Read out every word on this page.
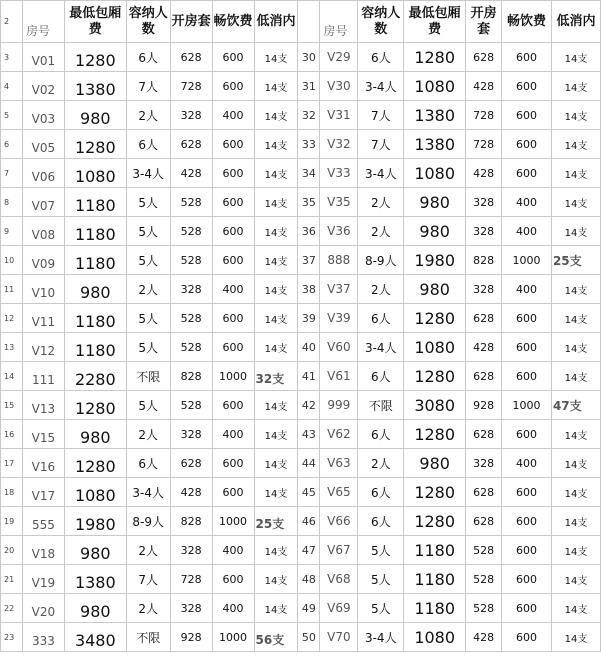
2	房号	最低包厢费	容纳人数	开房套	畅饮费	低消内		房号	容纳人数	最低包厢费	开房套	畅饮费	低消内
3	V01	1280	6人	628	600	14支	30	V29	6人	1280	628	600	14支
4	V02	1380	7人	728	600	14支	31	V30	3-4人	1080	428	600	14支
5	V03	980	2人	328	400	14支	32	V31	7人	1380	728	600	14支
6	V05	1280	6人	628	600	14支	33	V32	7人	1380	728	600	14支
7	V06	1080	3-4人	428	600	14支	34	V33	3-4人	1080	428	600	14支
8	V07	1180	5人	528	600	14支	35	V35	2人	980	328	400	14支
9	V08	1180	5人	528	600	14支	36	V36	2人	980	328	400	14支
10	V09	1180	5人	528	600	14支	37	888	8-9人	1980	828	1000	25支
11	V10	980	2人	328	400	14支	38	V37	2人	980	328	400	14支
12	V11	1180	5人	528	600	14支	39	V39	6人	1280	628	600	14支
13	V12	1180	5人	528	600	14支	40	V60	3-4人	1080	428	600	14支
14	111	2280	不限	828	1000	32支	41	V61	6人	1280	628	600	14支
15	V13	1280	5人	528	600	14支	42	999	不限	3080	928	1000	47支
16	V15	980	2人	328	400	14支	43	V62	6人	1280	628	600	14支
17	V16	1280	6人	628	600	14支	44	V63	2人	980	328	400	14支
18	V17	1080	3-4人	428	600	14支	45	V65	6人	1280	628	600	14支
19	555	1980	8-9人	828	1000	25支	46	V66	6人	1280	628	600	14支
20	V18	980	2人	328	400	14支	47	V67	5人	1180	528	600	14支
21	V19	1380	7人	728	600	14支	48	V68	5人	1180	528	600	14支
22	V20	980	2人	328	400	14支	49	V69	5人	1180	528	600	14支
23	333	3480	不限	928	1000	56支	50	V70	3-4人	1080	428	600	14支
